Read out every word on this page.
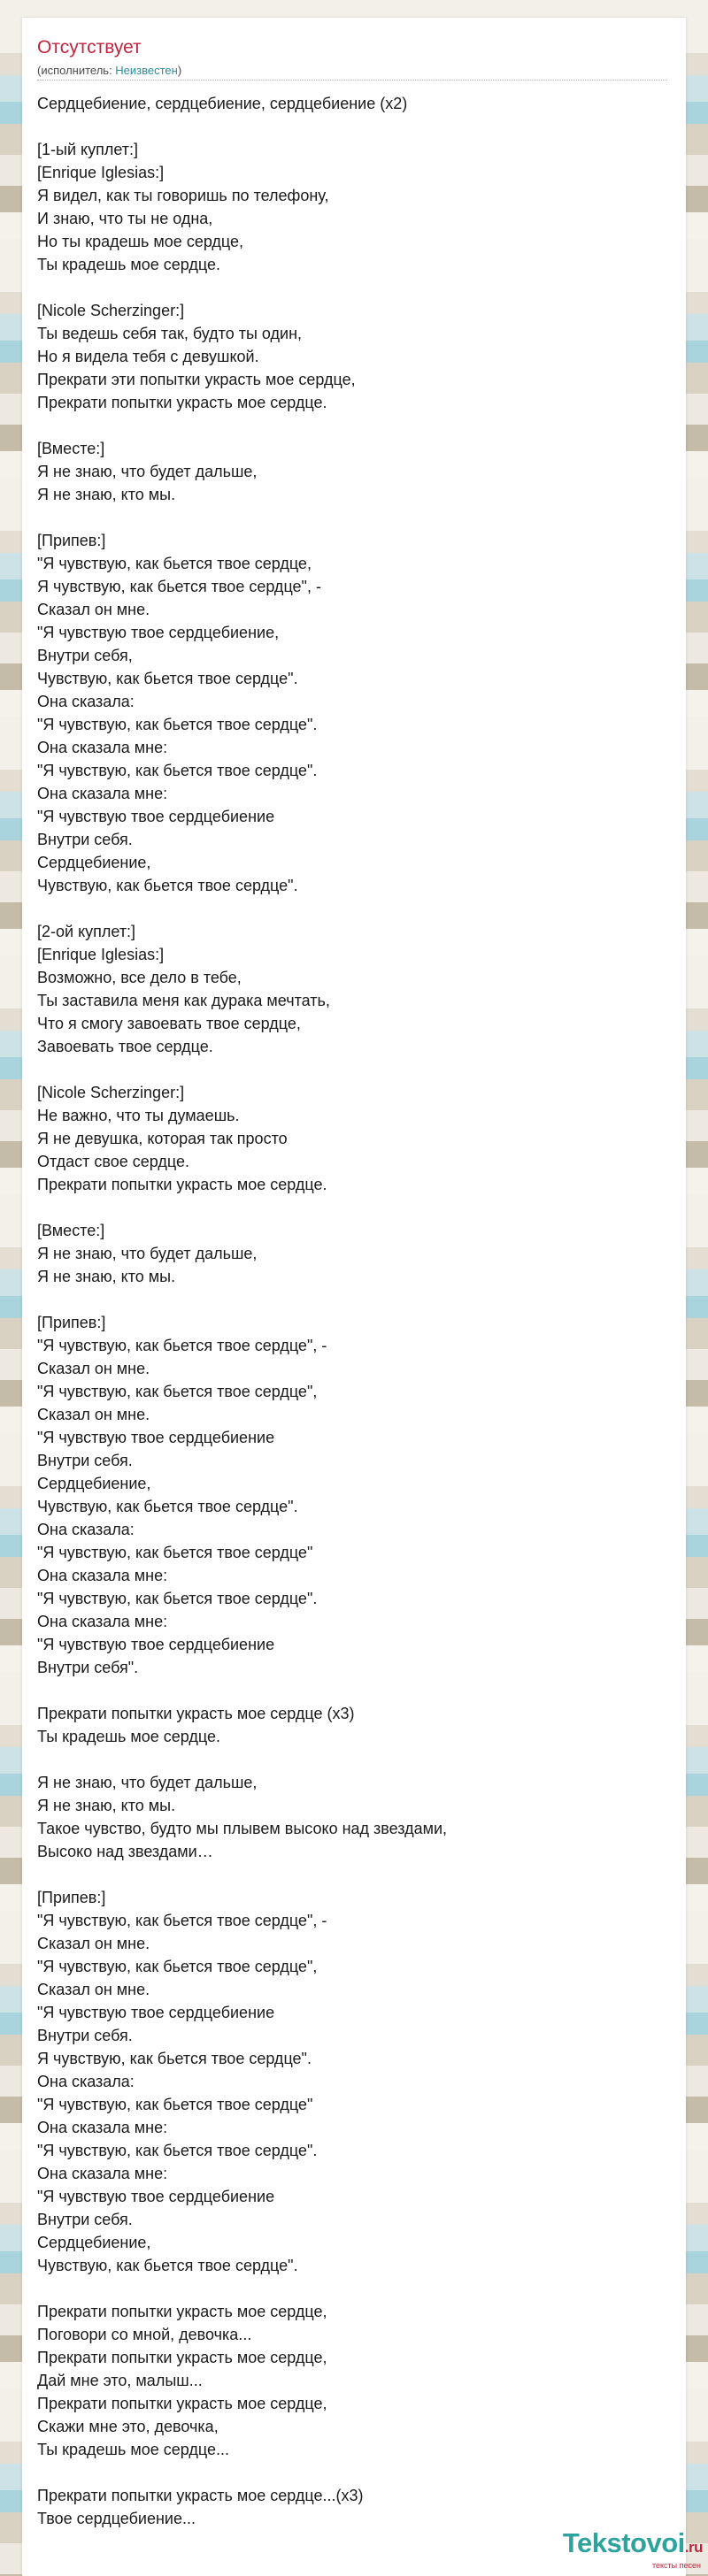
Отсутствует
(исполнитель: Неизвестен)
Сердцебиение, сердцебиение, сердцебиение (x2)

[1-ый куплет:]
[Enrique Iglesias:]
Я видел, как ты говоришь по телефону,
И знаю, что ты не одна,
Но ты крадешь мое сердце,
Ты крадешь мое сердце.

[Nicole Scherzinger:]
Ты ведешь себя так, будто ты один,
Но я видела тебя с девушкой.
Прекрати эти попытки украсть мое сердце,
Прекрати попытки украсть мое сердце.

[Вместе:]
Я не знаю, что будет дальше,
Я не знаю, кто мы.

[Припев:]
"Я чувствую, как бьется твое сердце,
Я чувствую, как бьется твое сердце", -
Сказал он мне.
"Я чувствую твое сердцебиение,
Внутри себя,
Чувствую, как бьется твое сердце".
Она сказала:
"Я чувствую, как бьется твое сердце".
Она сказала мне:
"Я чувствую, как бьется твое сердце".
Она сказала мне:
"Я чувствую твое сердцебиение
Внутри себя.
Сердцебиение,
Чувствую, как бьется твое сердце".

[2-ой куплет:]
[Enrique Iglesias:]
Возможно, все дело в тебе,
Ты заставила меня как дурака мечтать,
Что я смогу завоевать твое сердце,
Завоевать твое сердце.

[Nicole Scherzinger:]
Не важно, что ты думаешь.
Я не девушка, которая так просто
Отдаст свое сердце.
Прекрати попытки украсть мое сердце.

[Вместе:]
Я не знаю, что будет дальше,
Я не знаю, кто мы.

[Припев:]
"Я чувствую, как бьется твое сердце", -
Сказал он мне.
"Я чувствую, как бьется твое сердце",
Сказал он мне.
"Я чувствую твое сердцебиение
Внутри себя.
Сердцебиение,
Чувствую, как бьется твое сердце".
Она сказала:
"Я чувствую, как бьется твое сердце"
Она сказала мне:
"Я чувствую, как бьется твое сердце".
Она сказала мне:
"Я чувствую твое сердцебиение
Внутри себя".

Прекрати попытки украсть мое сердце (x3)
Ты крадешь мое сердце.

Я не знаю, что будет дальше,
Я не знаю, кто мы.
Такое чувство, будто мы плывем высоко над звездами,
Высоко над звездами…

[Припев:]
"Я чувствую, как бьется твое сердце", -
Сказал он мне.
"Я чувствую, как бьется твое сердце",
Сказал он мне.
"Я чувствую твое сердцебиение
Внутри себя.
Я чувствую, как бьется твое сердце".
Она сказала:
"Я чувствую, как бьется твое сердце"
Она сказала мне:
"Я чувствую, как бьется твое сердце".
Она сказала мне:
"Я чувствую твое сердцебиение
Внутри себя.
Сердцебиение,
Чувствую, как бьется твое сердце".

Прекрати попытки украсть мое сердце,
Поговори со мной, девочка...
Прекрати попытки украсть мое сердце,
Дай мне это, малыш...
Прекрати попытки украсть мое сердце,
Скажи мне это, девочка,
Ты крадешь мое сердце...

Прекрати попытки украсть мое сердце...(x3)
Твое сердцебиение...
Tekstovoi.ru
тексты песен
